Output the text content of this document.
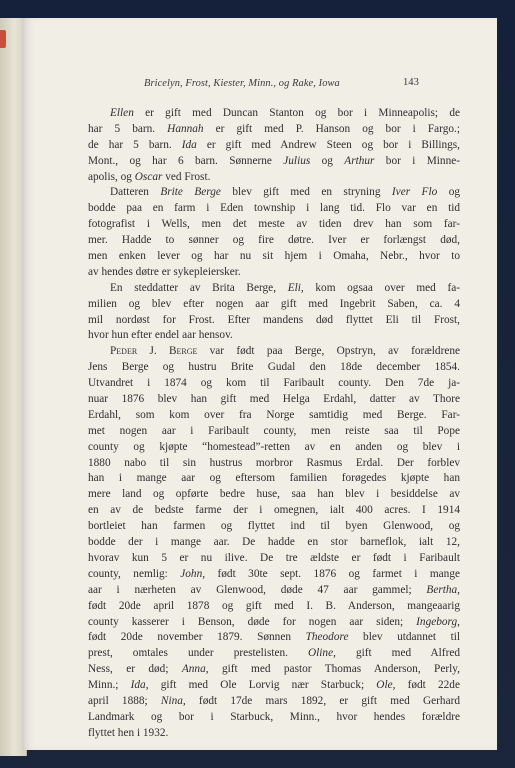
Bricelyn, Frost, Kiester, Minn., og Rake, Iowa	143
Ellen er gift med Duncan Stanton og bor i Minneapolis; de
har 5 barn. Hannah er gift med P. Hanson og bor i Fargo.;
de har 5 barn. Ida er gift med Andrew Steen og bor i Billings,
Mont., og har 6 barn. Sønnerne Julius og Arthur bor i Minne-
apolis, og Oscar ved Frost.
Datteren Brite Berge blev gift med en stryning Iver Flo og
bodde paa en farm i Eden township i lang tid. Flo var en tid
fotografist i Wells, men det meste av tiden drev han som far-
mer. Hadde to sønner og fire døtre. Iver er forlængst død,
men enken lever og har nu sit hjem i Omaha, Nebr., hvor to
av hendes døtre er sykepleiersker.
En steddatter av Brita Berge, Eli, kom ogsaa over med fa-
milien og blev efter nogen aar gift med Ingebrit Saben, ca. 4
mil nordøst for Frost. Efter mandens død flyttet Eli til Frost,
hvor hun efter endel aar hensov.
Peder J. Berge var født paa Berge, Opstryn, av forældrene
Jens Berge og hustru Brite Gudal den 18de december 1854.
Utvandret i 1874 og kom til Faribault county. Den 7de ja-
nuar 1876 blev han gift med Helga Erdahl, datter av Thore
Erdahl, som kom over fra Norge samtidig med Berge. Far-
met nogen aar i Faribault county, men reiste saa til Pope
county og kjøpte “homestead”-retten av en anden og blev i
1880 nabo til sin hustrus morbror Rasmus Erdal. Der forblev
han i mange aar og eftersom familien forøgedes kjøpte han
mere land og opførte bedre huse, saa han blev i besiddelse av
en av de bedste farme der i omegnen, ialt 400 acres. I 1914
bortleiet han farmen og flyttet ind til byen Glenwood, og
bodde der i mange aar. De hadde en stor barneflok, ialt 12,
hvorav kun 5 er nu ilive. De tre ældste er født i Faribault
county, nemlig: John, født 30te sept. 1876 og farmet i mange
aar i nærheten av Glenwood, døde 47 aar gammel; Bertha,
født 20de april 1878 og gift med I. B. Anderson, mangeaarig
county kasserer i Benson, døde for nogen aar siden; Ingeborg,
født 20de november 1879. Sønnen Theodore blev utdannet til
prest, omtales under prestelisten. Oline, gift med Alfred
Ness, er død; Anna, gift med pastor Thomas Anderson, Perly,
Minn.; Ida, gift med Ole Lorvig nær Starbuck; Ole, født 22de
april 1888; Nina, født 17de mars 1892, er gift med Gerhard
Landmark og bor i Starbuck, Minn., hvor hendes forældre
flyttet hen i 1932.
